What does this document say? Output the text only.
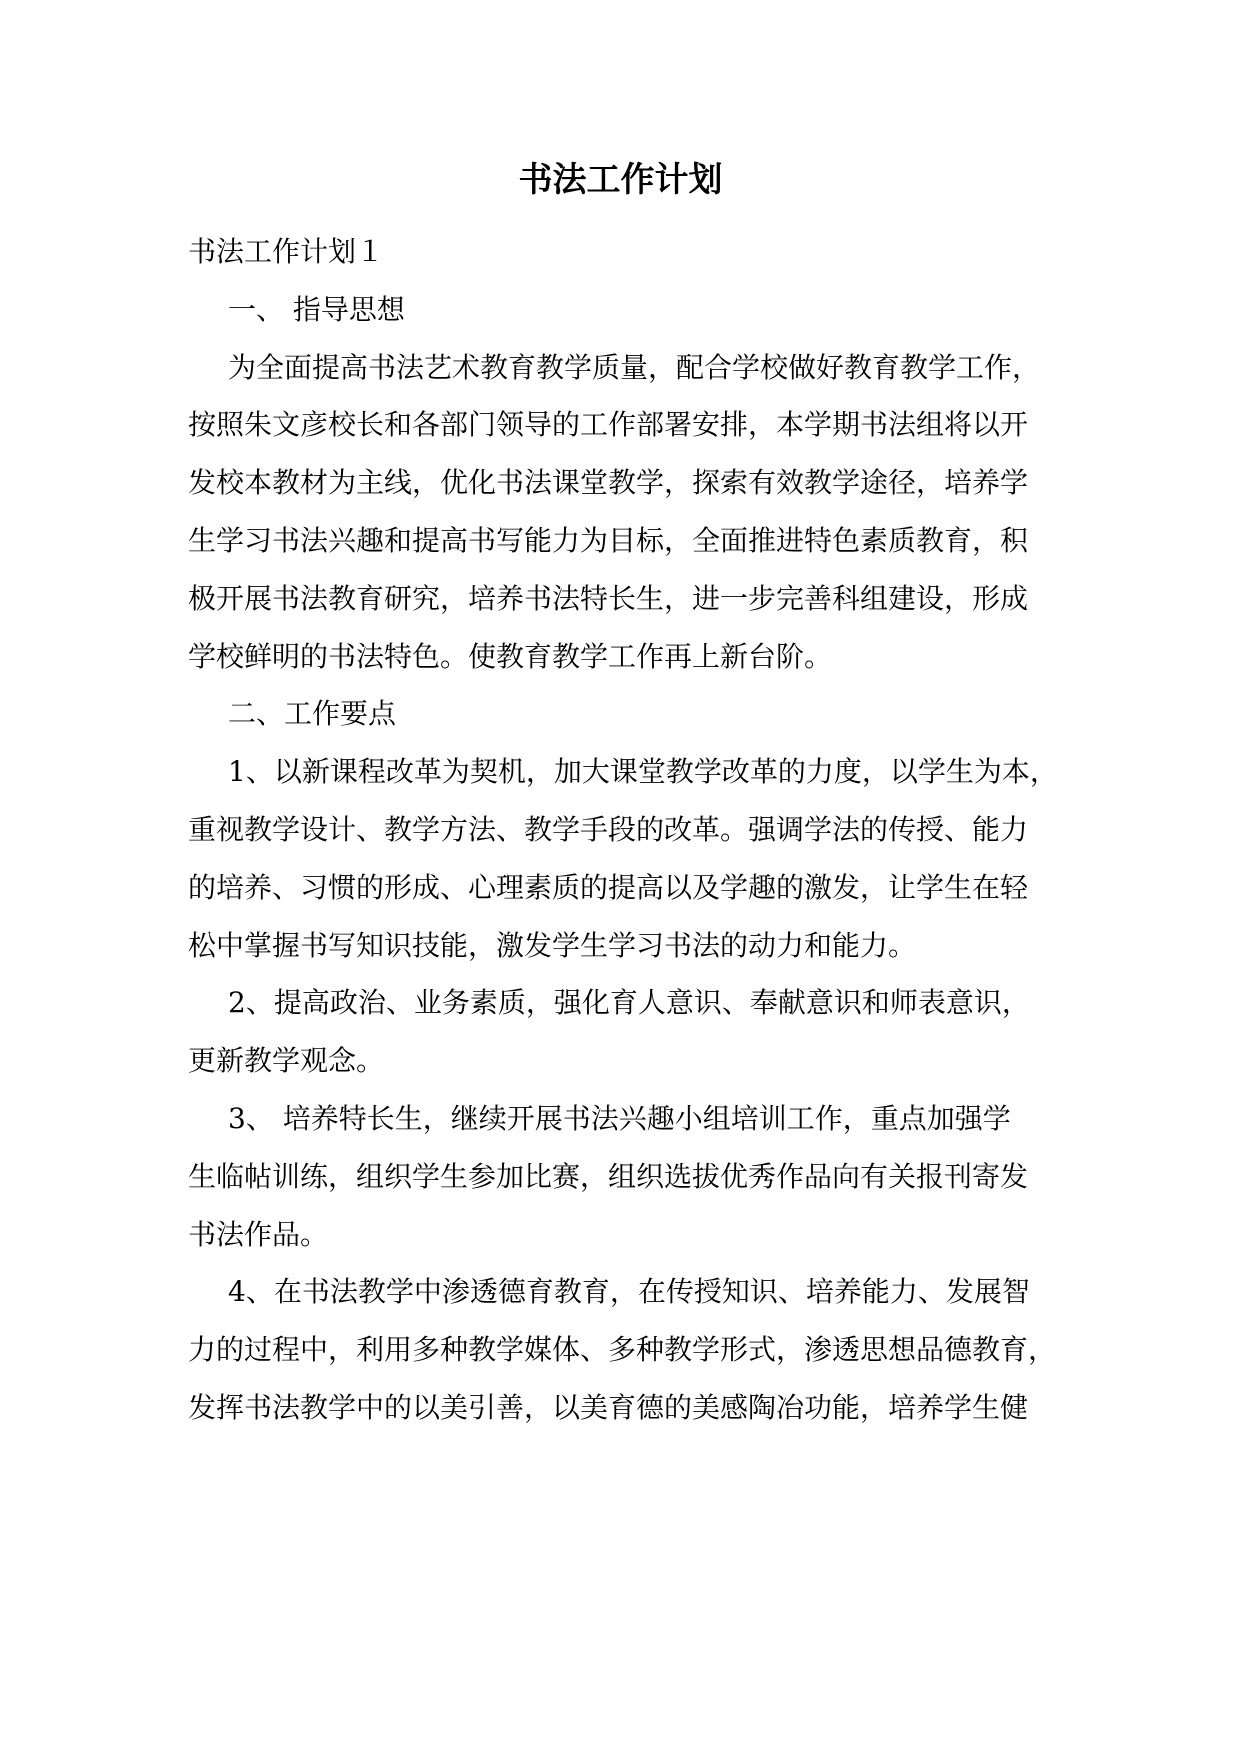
书法工作计划

书法工作计划１

一、 指导思想

为全面提高书法艺术教育教学质量，配合学校做好教育教学工作，

按照朱文彦校长和各部门领导的工作部署安排，本学期书法组将以开

发校本教材为主线，优化书法课堂教学，探索有效教学途径，培养学

生学习书法兴趣和提高书写能力为目标，全面推进特色素质教育，积

极开展书法教育研究，培养书法特长生，进一步完善科组建设，形成

学校鲜明的书法特色。使教育教学工作再上新台阶。

二、工作要点

1、以新课程改革为契机，加大课堂教学改革的力度，以学生为本，

重视教学设计、教学方法、教学手段的改革。强调学法的传授、能力

的培养、习惯的形成、心理素质的提高以及学趣的激发，让学生在轻

松中掌握书写知识技能，激发学生学习书法的动力和能力。

2、提高政治、业务素质，强化育人意识、奉献意识和师表意识，

更新教学观念。

3、 培养特长生，继续开展书法兴趣小组培训工作，重点加强学

生临帖训练，组织学生参加比赛，组织选拔优秀作品向有关报刊寄发

书法作品。

4、在书法教学中渗透德育教育，在传授知识、培养能力、发展智

力的过程中，利用多种教学媒体、多种教学形式，渗透思想品德教育，

发挥书法教学中的以美引善，以美育德的美感陶冶功能，培养学生健
